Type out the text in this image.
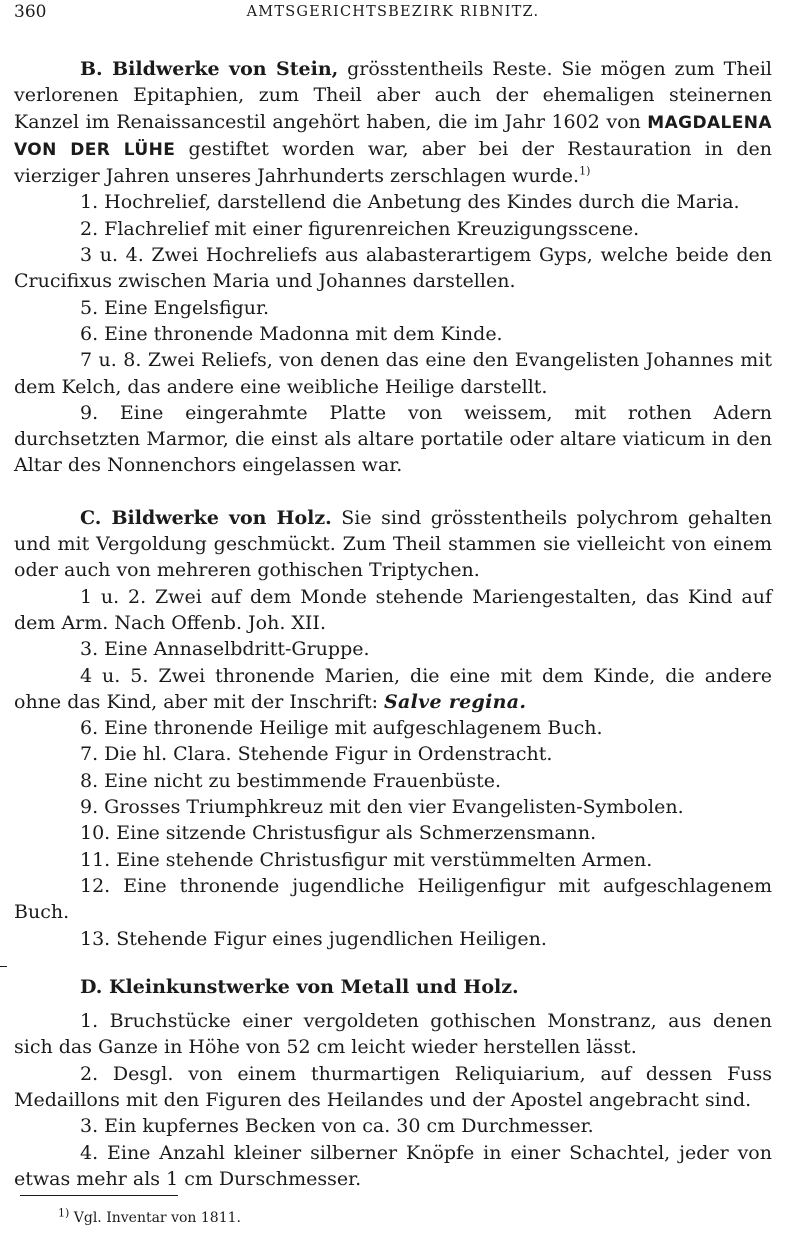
360	AMTSGERICHTSBEZIRK RIBNITZ.

B. Bildwerke von Stein, grösstentheils Reste. Sie mögen zum Theil verlorenen Epitaphien, zum Theil aber auch der ehemaligen steinernen Kanzel im Renaissancestil angehört haben, die im Jahr 1602 von MAGDALENA VON DER LÜHE gestiftet worden war, aber bei der Restauration in den vierziger Jahren unseres Jahrhunderts zerschlagen wurde.$^{1)}$

1. Hochrelief, darstellend die Anbetung des Kindes durch die Maria.

2. Flachrelief mit einer figurenreichen Kreuzigungsscene.

3 u. 4. Zwei Hochreliefs aus alabasterartigem Gyps, welche beide den Crucifixus zwischen Maria und Johannes darstellen.

5. Eine Engelsfigur.

6. Eine thronende Madonna mit dem Kinde.

7 u. 8. Zwei Reliefs, von denen das eine den Evangelisten Johannes mit dem Kelch, das andere eine weibliche Heilige darstellt.

9. Eine eingerahmte Platte von weissem, mit rothen Adern durchsetzten Marmor, die einst als altare portatile oder altare viaticum in den Altar des Nonnenchors eingelassen war.

C. Bildwerke von Holz. Sie sind grösstentheils polychrom gehalten und mit Vergoldung geschmückt. Zum Theil stammen sie vielleicht von einem oder auch von mehreren gothischen Triptychen.

1 u. 2. Zwei auf dem Monde stehende Mariengestalten, das Kind auf dem Arm. Nach Offenb. Joh. XII.

3. Eine Annaselbdritt-Gruppe.

4 u. 5. Zwei thronende Marien, die eine mit dem Kinde, die andere ohne das Kind, aber mit der Inschrift: Salve regina.

6. Eine thronende Heilige mit aufgeschlagenem Buch.

7. Die hl. Clara. Stehende Figur in Ordenstracht.

8. Eine nicht zu bestimmende Frauenbüste.

9. Grosses Triumphkreuz mit den vier Evangelisten-Symbolen.

10. Eine sitzende Christusfigur als Schmerzensmann.

11. Eine stehende Christusfigur mit verstümmelten Armen.

12. Eine thronende jugendliche Heiligenfigur mit aufgeschlagenem Buch.

13. Stehende Figur eines jugendlichen Heiligen.

D. Kleinkunstwerke von Metall und Holz.

1. Bruchstücke einer vergoldeten gothischen Monstranz, aus denen sich das Ganze in Höhe von 52 cm leicht wieder herstellen lässt.

2. Desgl. von einem thurmartigen Reliquiarium, auf dessen Fuss Medaillons mit den Figuren des Heilandes und der Apostel angebracht sind.

3. Ein kupfernes Becken von ca. 30 cm Durchmesser.

4. Eine Anzahl kleiner silberner Knöpfe in einer Schachtel, jeder von etwas mehr als 1 cm Durschmesser.

$^{1)}$ Vgl. Inventar von 1811.
